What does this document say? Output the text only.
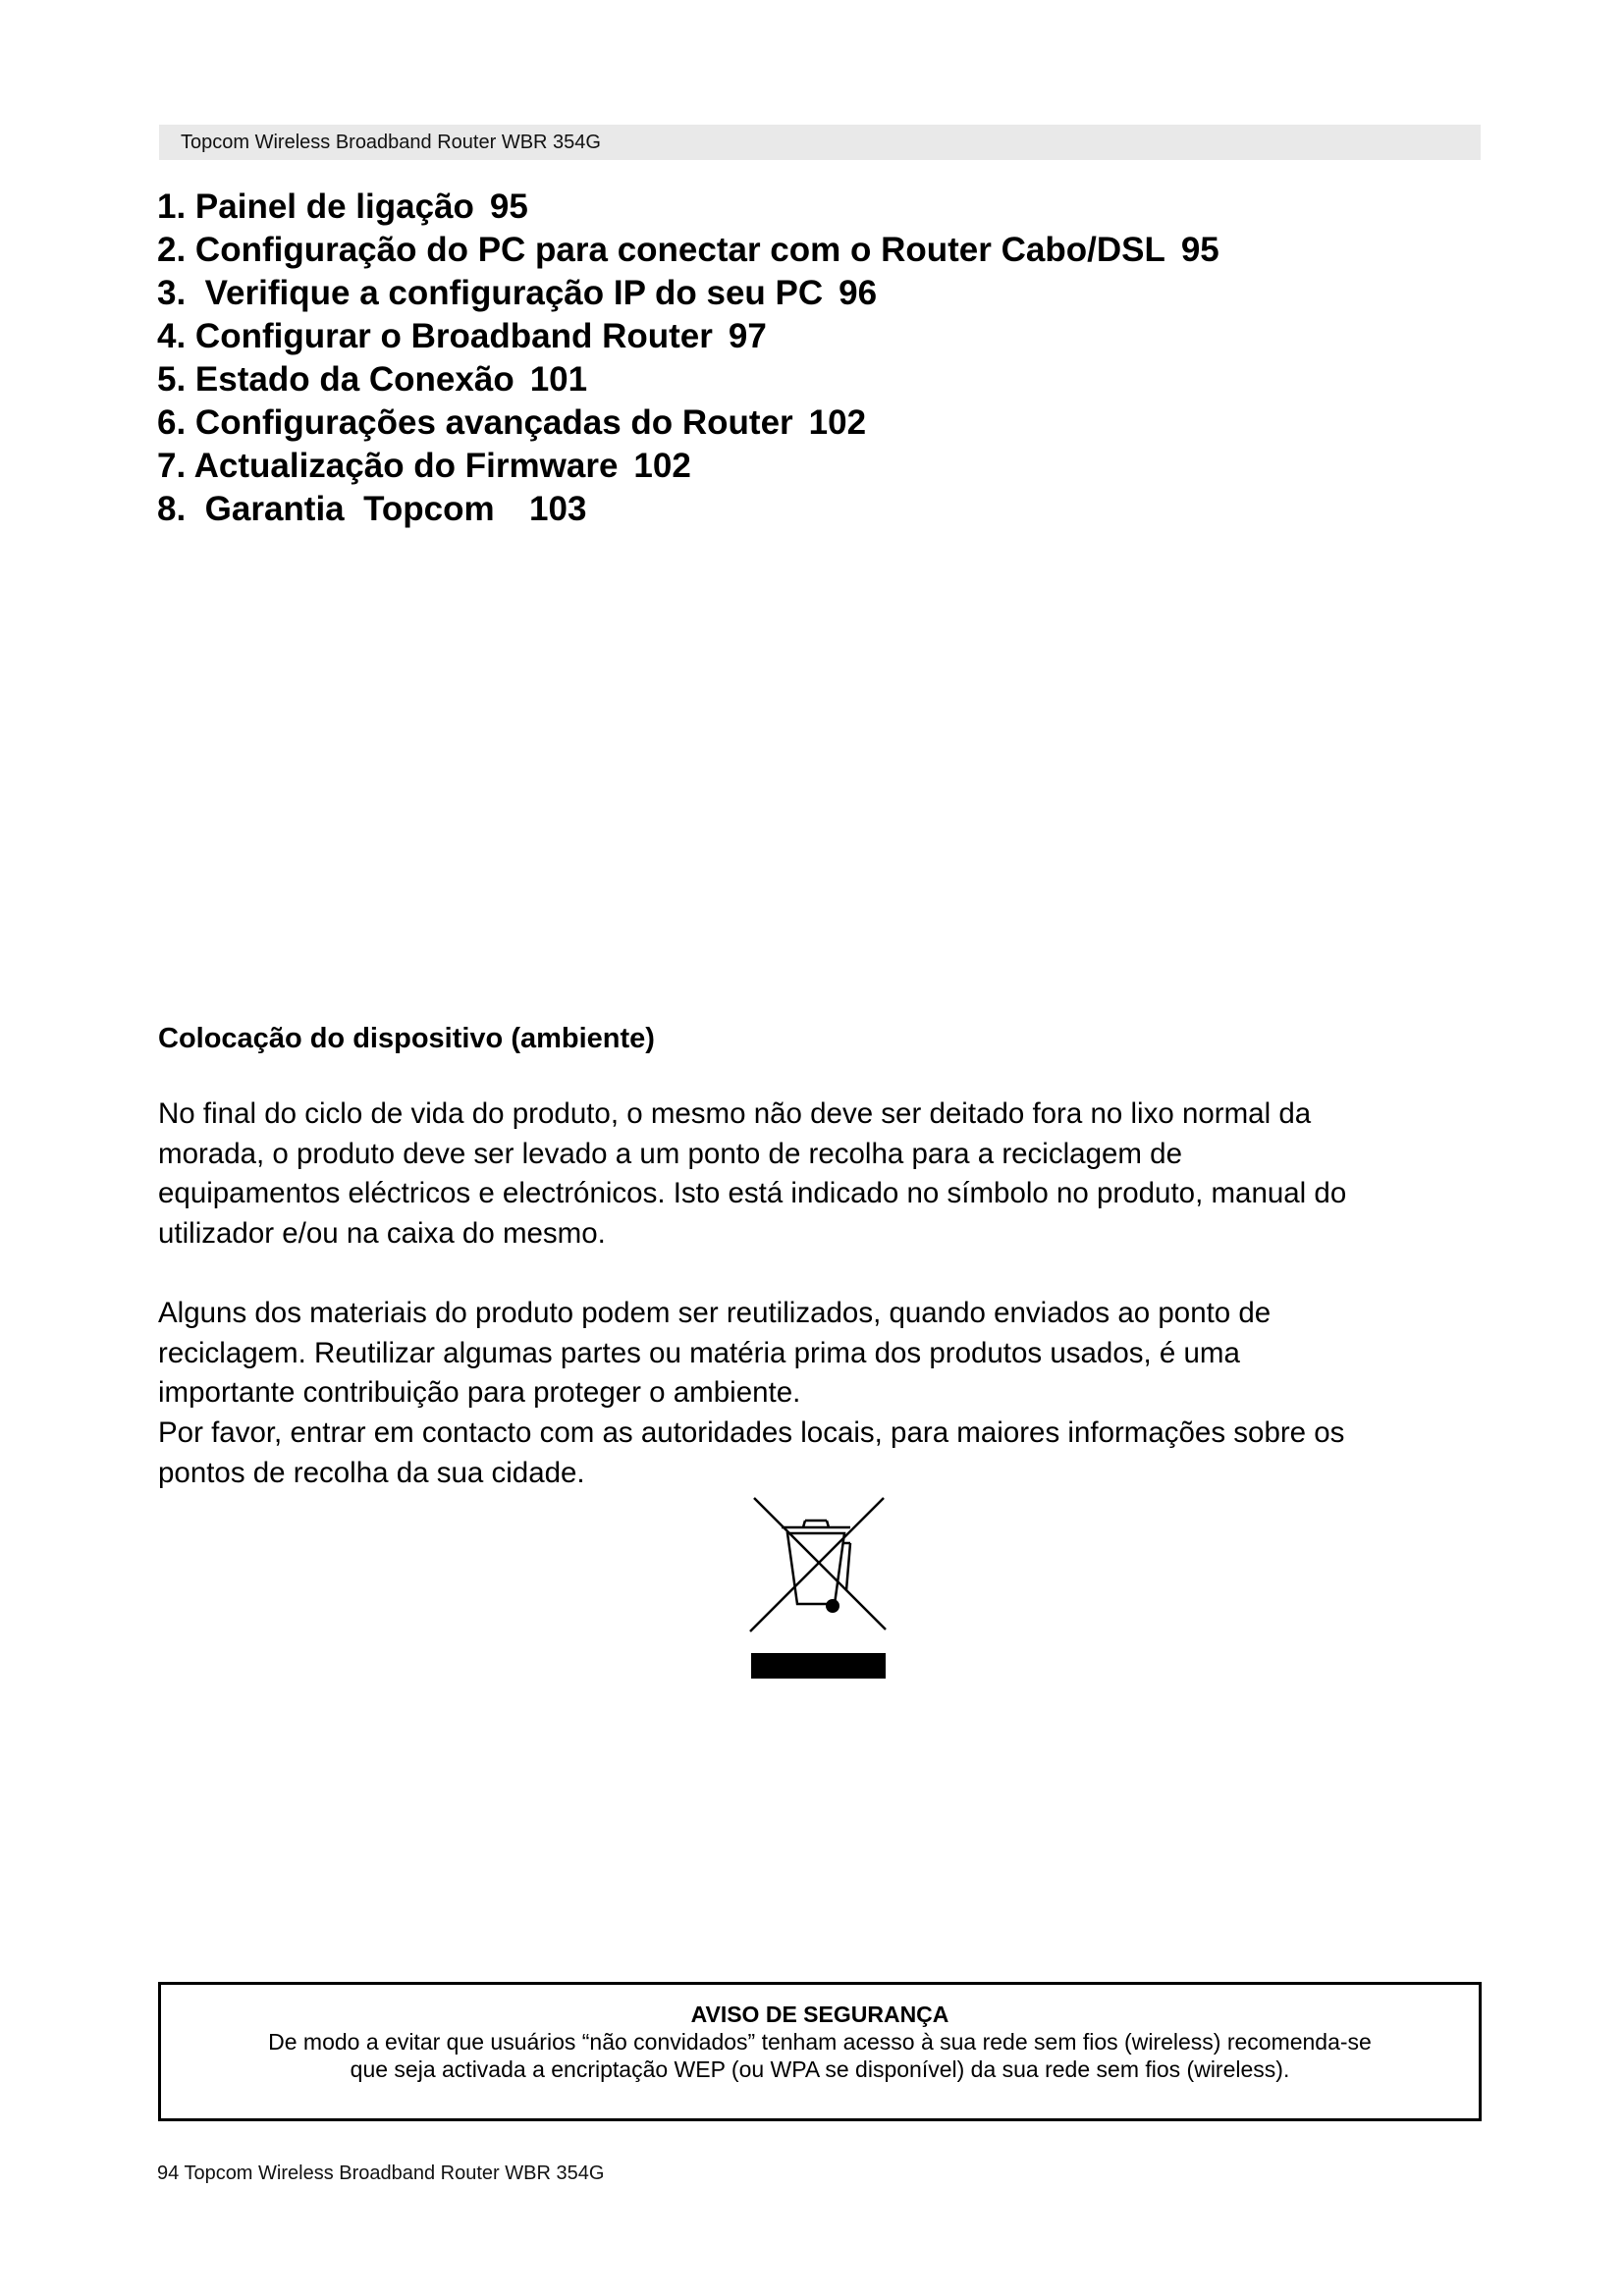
Topcom Wireless Broadband Router WBR 354G
1. Painel de ligação 95
2. Configuração do PC para conectar com o Router Cabo/DSL 95
3.  Verifique a configuração IP do seu PC 96
4. Configurar o Broadband Router 97
5. Estado da Conexão 101
6. Configurações avançadas do Router 102
7. Actualização do Firmware 102
8.  Garantia  Topcom 103
Colocação do dispositivo (ambiente)

No final do ciclo de vida do produto, o mesmo não deve ser deitado fora no lixo normal da
morada, o produto deve ser levado a um ponto de recolha para a reciclagem de
equipamentos eléctricos e electrónicos. Isto está indicado no símbolo no produto, manual do
utilizador e/ou na caixa do mesmo.

Alguns dos materiais do produto podem ser reutilizados, quando enviados ao ponto de
reciclagem. Reutilizar algumas partes ou matéria prima dos produtos usados, é uma
importante contribuição para proteger o ambiente.
Por favor, entrar em contacto com as autoridades locais, para maiores informações sobre os
pontos de recolha da sua cidade.

AVISO DE SEGURANÇA
De modo a evitar que usuários “não convidados” tenham acesso à sua rede sem fios (wireless) recomenda-se
que seja activada a encriptação WEP (ou WPA se disponível) da sua rede sem fios (wireless).
94 Topcom Wireless Broadband Router WBR 354G
